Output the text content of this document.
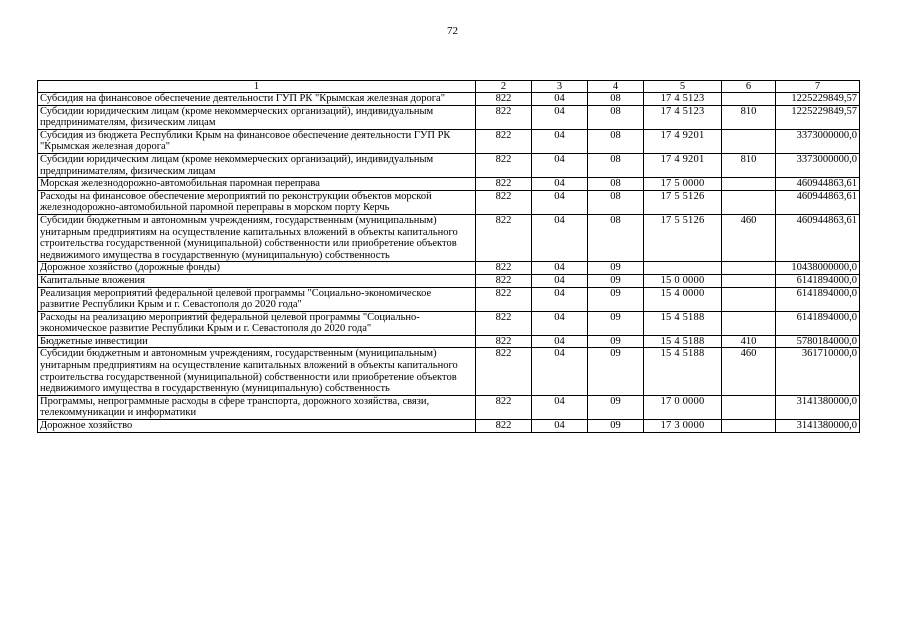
72
1	2	3	4	5	6	7
Субсидия на финансовое обеспечение деятельности ГУП РК "Крымская железная дорога"	822	04	08	17 4 5123		1225229849,57
Субсидии юридическим лицам (кроме некоммерческих организаций), индивидуальным предпринимателям, физическим лицам	822	04	08	17 4 5123	810	1225229849,57
Субсидия из бюджета Республики Крым на финансовое обеспечение деятельности ГУП РК "Крымская железная дорога"	822	04	08	17 4 9201		3373000000,0
Субсидии юридическим лицам (кроме некоммерческих организаций), индивидуальным предпринимателям, физическим лицам	822	04	08	17 4 9201	810	3373000000,0
Морская железнодорожно-автомобильная паромная переправа	822	04	08	17 5 0000		460944863,61
Расходы на финансовое обеспечение мероприятий по реконструкции объектов морской железнодорожно-автомобильной паромной переправы в морском порту Керчь	822	04	08	17 5 5126		460944863,61
Субсидии бюджетным и автономным учреждениям, государственным (муниципальным) унитарным предприятиям на осуществление капитальных вложений в объекты капитального строительства государственной (муниципальной) собственности или приобретение объектов недвижимого имущества в государственную (муниципальную) собственность	822	04	08	17 5 5126	460	460944863,61
Дорожное хозяйство (дорожные фонды)	822	04	09			10438000000,0
Капитальные вложения	822	04	09	15 0 0000		6141894000,0
Реализация мероприятий федеральной целевой программы "Социально-экономическое развитие Республики Крым и г. Севастополя до 2020 года"	822	04	09	15 4 0000		6141894000,0
Расходы на реализацию мероприятий федеральной целевой программы "Социально-экономическое развитие Республики Крым и г. Севастополя до 2020 года"	822	04	09	15 4 5188		6141894000,0
Бюджетные инвестиции	822	04	09	15 4 5188	410	5780184000,0
Субсидии бюджетным и автономным учреждениям, государственным (муниципальным) унитарным предприятиям на осуществление капитальных вложений в объекты капитального строительства государственной (муниципальной) собственности или приобретение объектов недвижимого имущества в государственную (муниципальную) собственность	822	04	09	15 4 5188	460	361710000,0
Программы, непрограммные расходы в сфере транспорта, дорожного хозяйства, связи, телекоммуникации и информатики	822	04	09	17 0 0000		3141380000,0
Дорожное хозяйство	822	04	09	17 3 0000		3141380000,0
